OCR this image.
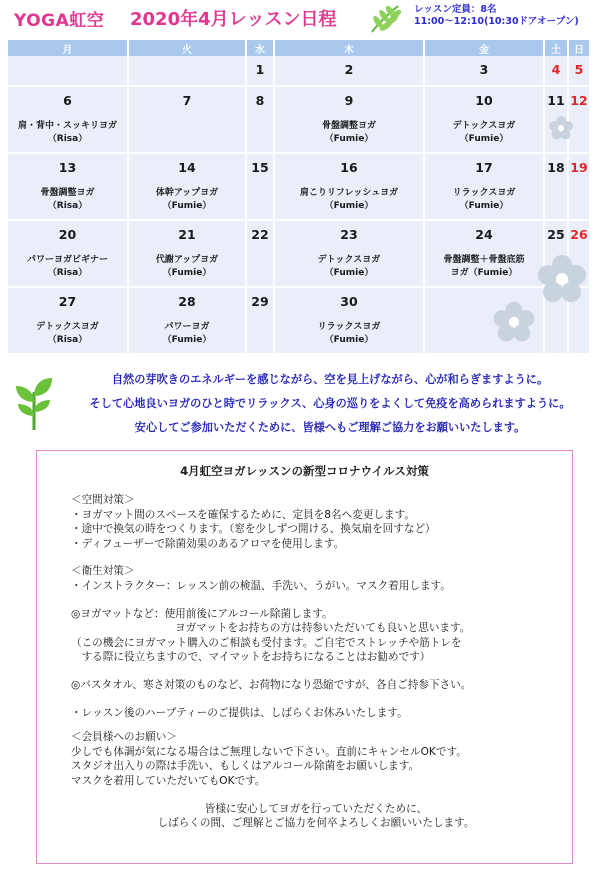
YOGA虹空 2020年4月レッスン日程	レッスン定員：8名
11:00～12:10(10:30ドアオープン)
月	火	水	木	金	土	日

		1	2	3	4	5

6
肩・背中・スッキリヨガ
（Risa）	7	8	9
骨盤調整ヨガ
（Fumie）	10
デトックスヨガ
（Fumie）	11	12

13
骨盤調整ヨガ
（Risa）	14
体幹アップヨガ
（Fumie）	15	16
肩こりリフレッシュヨガ
（Fumie）	17
リラックスヨガ
（Fumie）	18	19

20
パワーヨガビギナー
（Risa）	21
代謝アップヨガ
（Fumie）	22	23
デトックスヨガ
（Fumie）	24
骨盤調整＋骨盤底筋
ヨガ（Fumie）	25	26

27
デトックスヨガ
（Risa）	28
パワーヨガ
（Fumie）	29	30
リラックスヨガ
（Fumie）			

自然の芽吹きのエネルギーを感じながら、空を見上げながら、心が和らぎますように。
そして心地良いヨガのひと時でリラックス、心身の巡りをよくして免疫を高められますように。
安心してご参加いただくために、皆様へもご理解ご協力をお願いいたします。
4月虹空ヨガレッスンの新型コロナウイルス対策
＜空間対策＞
・ヨガマット間のスペースを確保するために、定員を8名へ変更します。
・途中で換気の時をつくります。（窓を少しずつ開ける、換気扇を回すなど）
・ディフューザーで除菌効果のあるアロマを使用します。
＜衛生対策＞
・インストラクター：レッスン前の検温、手洗い、うがい。マスク着用します。
◎ヨガマットなど：使用前後にアルコール除菌します。
ヨガマットをお持ちの方は持参いただいても良いと思います。
（この機会にヨガマット購入のご相談も受付ます。ご自宅でストレッチや筋トレを
　する際に役立ちますので、マイマットをお持ちになることはお勧めです）
◎バスタオル、寒さ対策のものなど、お荷物になり恐縮ですが、各自ご持参下さい。
・レッスン後のハーブティーのご提供は、しばらくお休みいたします。
＜会員様へのお願い＞
少しでも体調が気になる場合はご無理しないで下さい。直前にキャンセルOKです。
スタジオ出入りの際は手洗い、もしくはアルコール除菌をお願いします。
マスクを着用していただいてもOKです。
皆様に安心してヨガを行っていただくために、
しばらくの間、ご理解とご協力を何卒よろしくお願いいたします。
